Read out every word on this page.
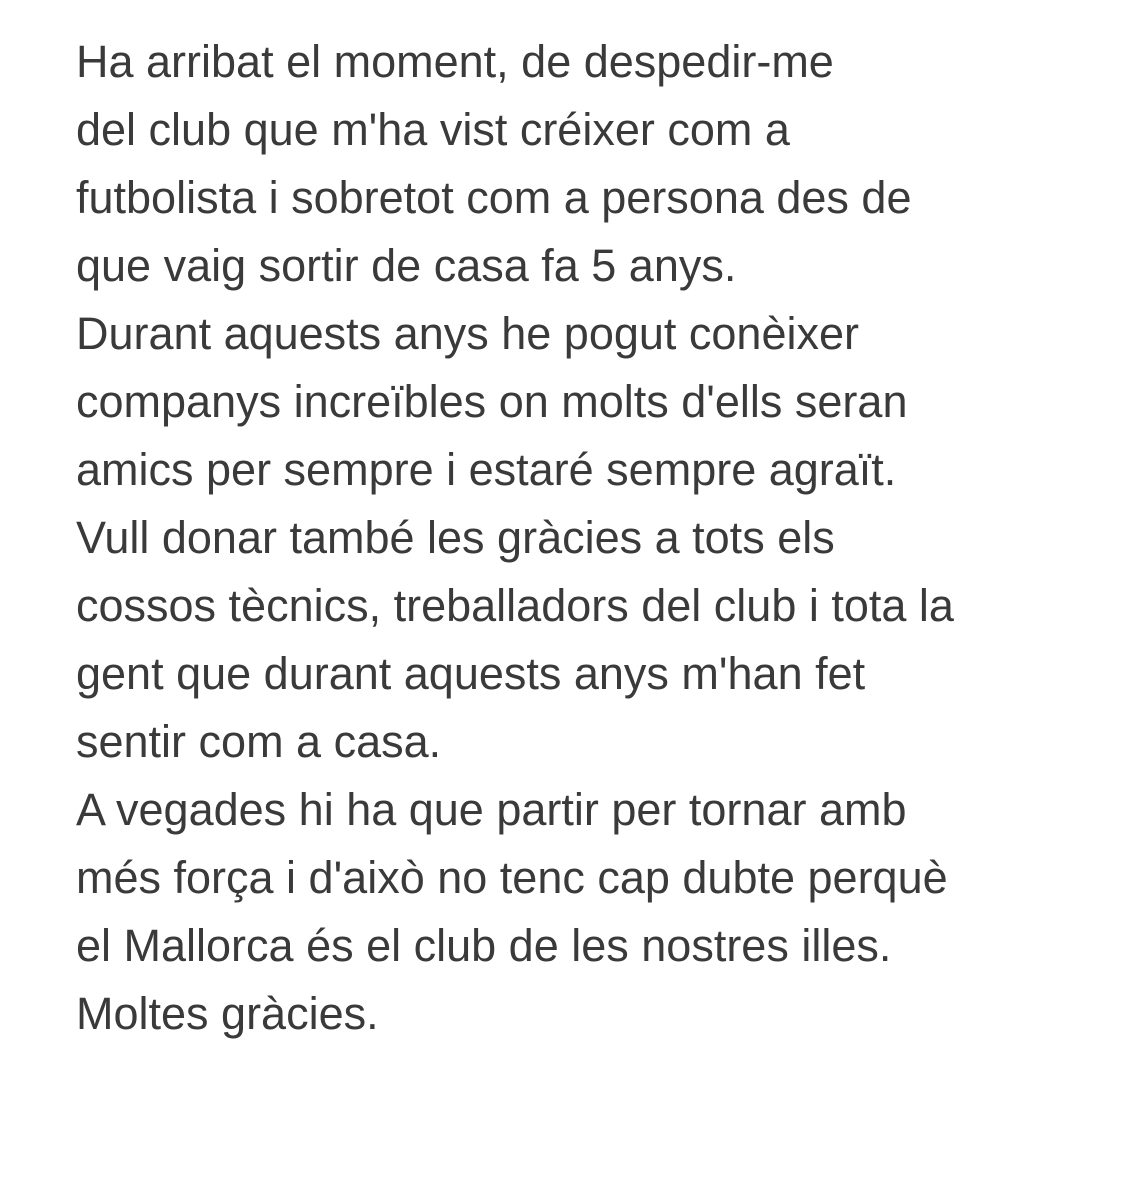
Ha arribat el moment, de despedir-me
del club que m'ha vist créixer com a
futbolista i sobretot com a persona des de
que vaig sortir de casa fa 5 anys.
Durant aquests anys he pogut conèixer
companys increïbles on molts d'ells seran
amics per sempre i estaré sempre agraït.
Vull donar també les gràcies a tots els
cossos tècnics, treballadors del club i tota la
gent que durant aquests anys m'han fet
sentir com a casa.
A vegades hi ha que partir per tornar amb
més força i d'això no tenc cap dubte perquè
el Mallorca és el club de les nostres illes.
Moltes gràcies.
